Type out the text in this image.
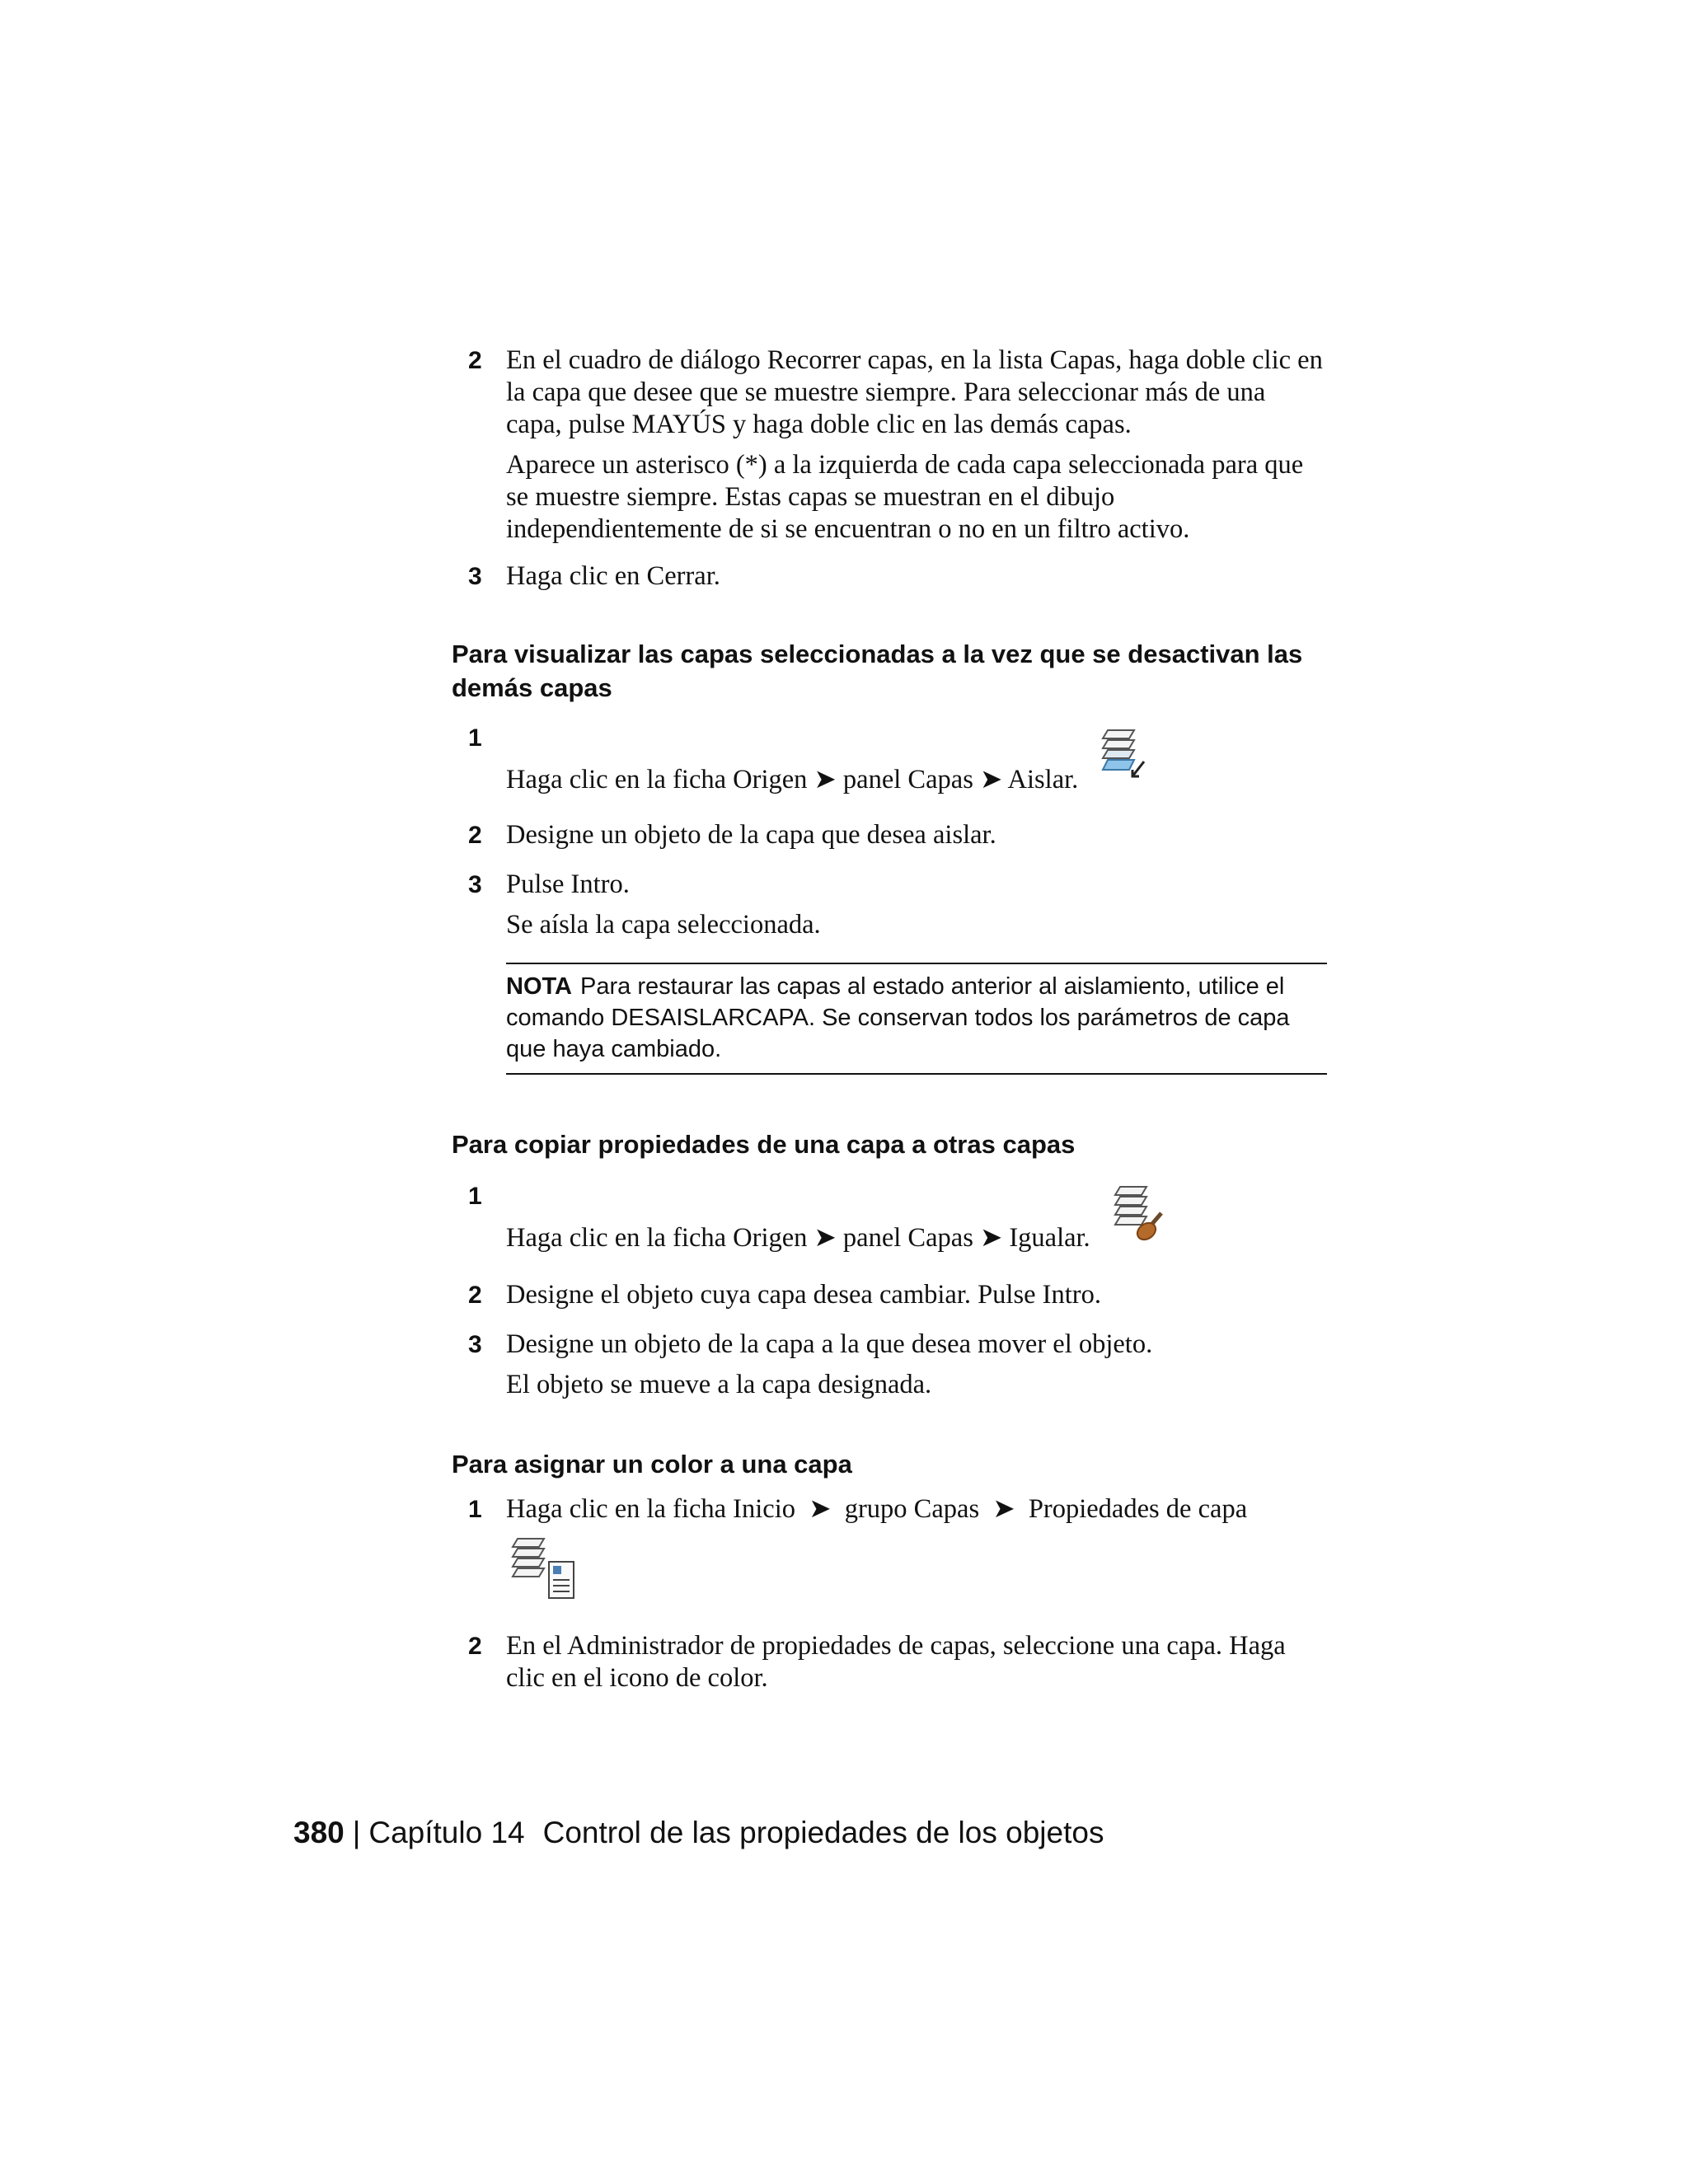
2 En el cuadro de diálogo Recorrer capas, en la lista Capas, haga doble clic en la capa que desee que se muestre siempre. Para seleccionar más de una capa, pulse MAYÚS y haga doble clic en las demás capas.

Aparece un asterisco (*) a la izquierda de cada capa seleccionada para que se muestre siempre. Estas capas se muestran en el dibujo independientemente de si se encuentran o no en un filtro activo.

3 Haga clic en Cerrar.

Para visualizar las capas seleccionadas a la vez que se desactivan las demás capas
1
Haga clic en la ficha Origen ➤ panel Capas ➤ Aislar.
2 Designe un objeto de la capa que desea aislar.

3 Pulse Intro.

Se aísla la capa seleccionada.

NOTA Para restaurar las capas al estado anterior al aislamiento, utilice el comando DESAISLARCAPA. Se conservan todos los parámetros de capa que haya cambiado.
Para copiar propiedades de una capa a otras capas
1
Haga clic en la ficha Origen ➤ panel Capas ➤ Igualar.
2 Designe el objeto cuya capa desea cambiar. Pulse Intro.

3 Designe un objeto de la capa a la que desea mover el objeto.

El objeto se mueve a la capa designada.

Para asignar un color a una capa
1 Haga clic en la ficha Inicio  ➤  grupo Capas  ➤  Propiedades de capa

2 En el Administrador de propiedades de capas, seleccione una capa. Haga clic en el icono de color.

380 | Capítulo 14 Control de las propiedades de los objetos
